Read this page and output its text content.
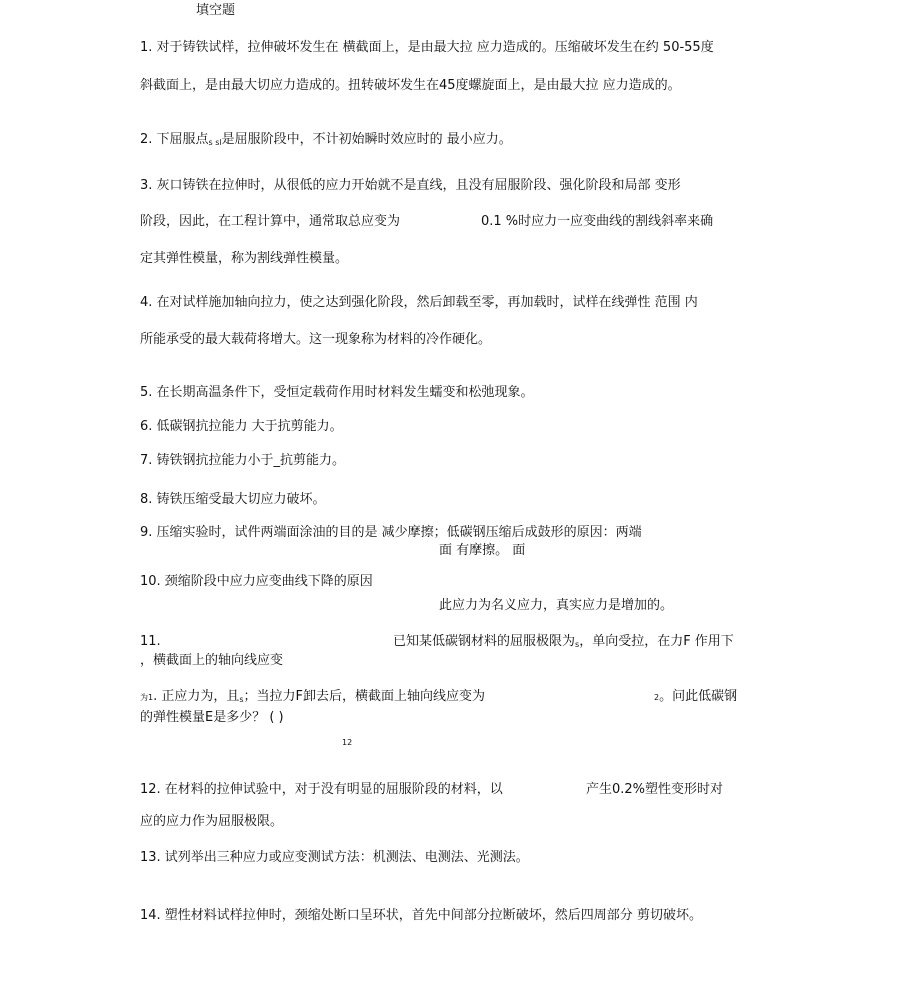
填空题
1. 对于铸铁试样，拉伸破坏发生在 横截面上，是由最大拉 应力造成的。压缩破坏发生在约 50-55度
斜截面上，是由最大切应力造成的。扭转破坏发生在45度螺旋面上，是由最大拉 应力造成的。
2. 下屈服点$_{s sl}$是屈服阶段中，不计初始瞬时效应时的 最小应力。
3. 灰口铸铁在拉伸时，从很低的应力开始就不是直线，且没有屈服阶段、强化阶段和局部 变形
阶段，因此，在工程计算中，通常取总应变为	0.1 %时应力一应变曲线的割线斜率来确
定其弹性模量，称为割线弹性模量。
4. 在对试样施加轴向拉力，使之达到强化阶段，然后卸载至零，再加载时，试样在线弹性 范围 内
所能承受的最大载荷将增大。这一现象称为材料的冷作硬化。
5. 在长期高温条件下，受恒定载荷作用时材料发生蠕变和松弛现象。
6. 低碳钢抗拉能力 大于抗剪能力。
7. 铸铁钢抗拉能力小于_抗剪能力。
8. 铸铁压缩受最大切应力破坏。
9. 压缩实验时，试件两端面涂油的目的是 减少摩擦；低碳钢压缩后成鼓形的原因：两端
面 有摩擦。 面
10. 颈缩阶段中应力应变曲线下降的原因
此应力为名义应力，真实应力是增加的。
11.	已知某低碳钢材料的屈服极限为$_s$，单向受拉，在力F 作用下
，横截面上的轴向线应变
为1. 正应力为，且$_s$；当拉力F卸去后，横截面上轴向线应变为	2。问此低碳钢
的弹性模量E是多少？ ( )
12
12. 在材料的拉伸试验中，对于没有明显的屈服阶段的材料，以	产生0.2%塑性变形时对
应的应力作为屈服极限。
13. 试列举出三种应力或应变测试方法：机测法、电测法、光测法。
14. 塑性材料试样拉伸时，颈缩处断口呈环状，首先中间部分拉断破坏，然后四周部分 剪切破坏。
